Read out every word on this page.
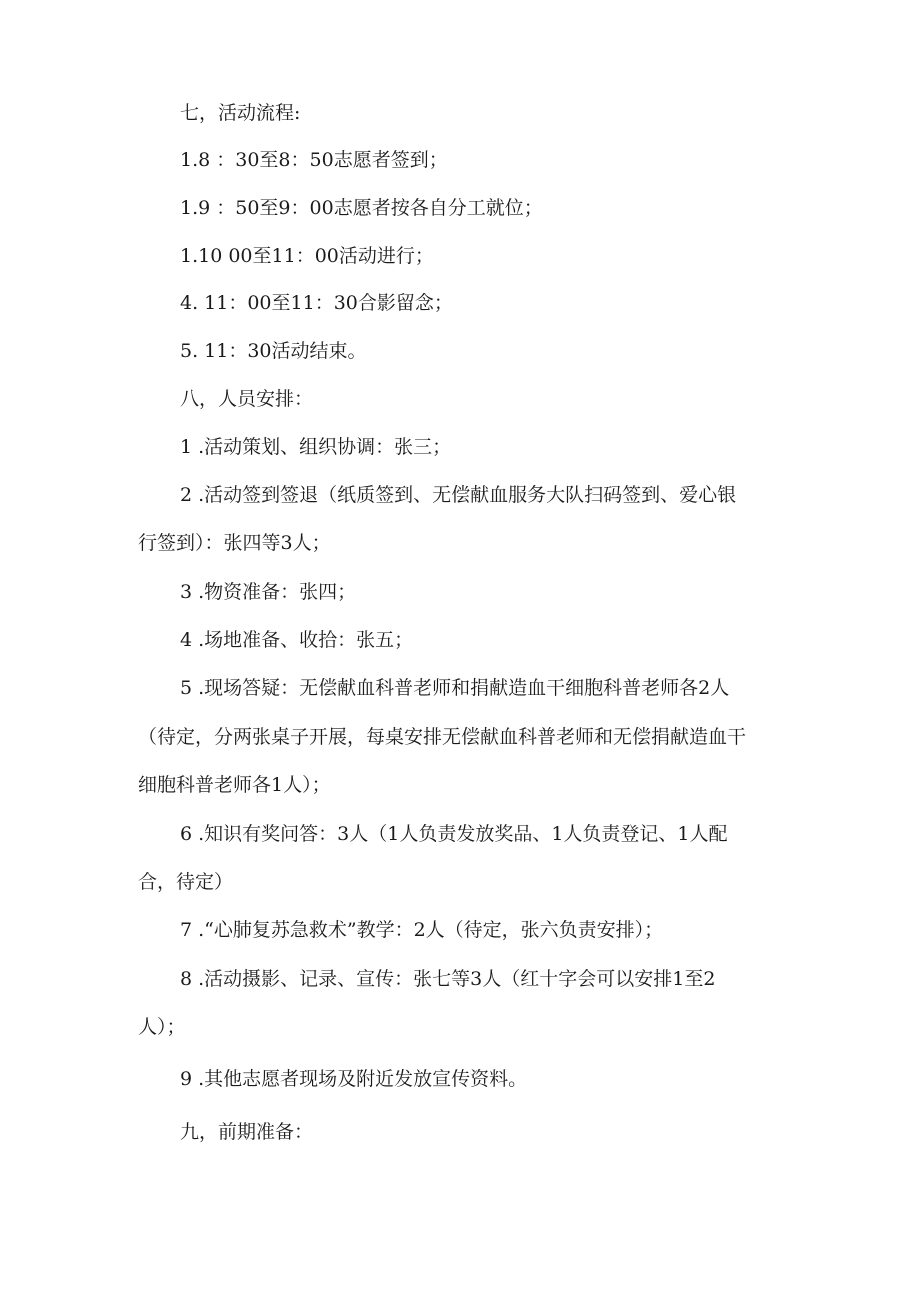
七，活动流程:
1.8 ：30至8：50志愿者签到；
1.9 ：50至9：00志愿者按各自分工就位；
1.10 00至11：00活动进行；
4. 11：00至11：30合影留念；
5. 11：30活动结束。
八，人员安排：
1 .活动策划、组织协调：张三；
2 .活动签到签退（纸质签到、无偿献血服务大队扫码签到、爱心银
行签到）：张四等3人；
3 .物资准备：张四；
4 .场地准备、收拾：张五；
5 .现场答疑：无偿献血科普老师和捐献造血干细胞科普老师各2人
（待定，分两张桌子开展，每桌安排无偿献血科普老师和无偿捐献造血干
细胞科普老师各1人）；
6 .知识有奖问答：3人（1人负责发放奖品、1人负责登记、1人配
合，待定）
7 .“心肺复苏急救术”教学：2人（待定，张六负责安排）；
8 .活动摄影、记录、宣传：张七等3人（红十字会可以安排1至2
人）；
9 .其他志愿者现场及附近发放宣传资料。
九，前期准备：
